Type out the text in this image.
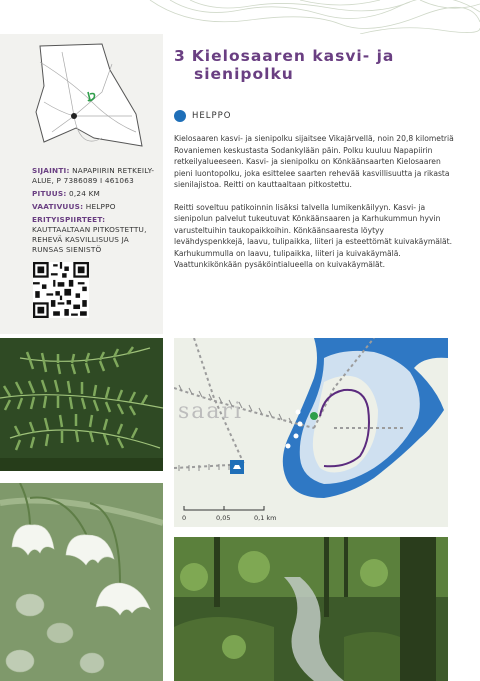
SIJAINTI: NAPAPIIRIN RETKEILY-ALUE, P 7386089 I 461063
PITUUS: 0,24 KM
VAATIVUUS: HELPPO
ERITYISPIIRTEET: KAUTTAALTAAN PITKOSTETTU, REHEVÄ KASVILLISUUS JA RUNSAS SIENISTÖ
3 Kielosaaren kasvi- ja
sienipolku
HELPPO

Kielosaaren kasvi- ja sienipolku sijaitsee Vikajärvellä, noin 20,8 kilometriä Rovaniemen keskustasta Sodankylään päin. Polku kuuluu Napapiirin retkeilyalueeseen. Kasvi- ja sienipolku on Könkäänsaarten Kielosaaren pieni luontopolku, joka esittelee saarten rehevää kasvillisuutta ja rikasta sienilajistoa. Reitti on kauttaaltaan pitkostettu.

Reitti soveltuu patikoinnin lisäksi talvella lumikenkäilyyn. Kasvi- ja sienipolun palvelut tukeutuvat Könkäänsaaren ja Karhukummun hyvin varusteltuihin taukopaikkoihin. Könkäänsaaresta löytyy levähdyspenkkejä, laavu, tulipaikka, liiteri ja esteettömät kuivakäymälät. Karhukummulla on laavu, tulipaikka, liiteri ja kuivakäymälä. Vaattunkikönkään pysäköintialueella on kuivakäymälät.

saari
0	0,05	0,1 km
